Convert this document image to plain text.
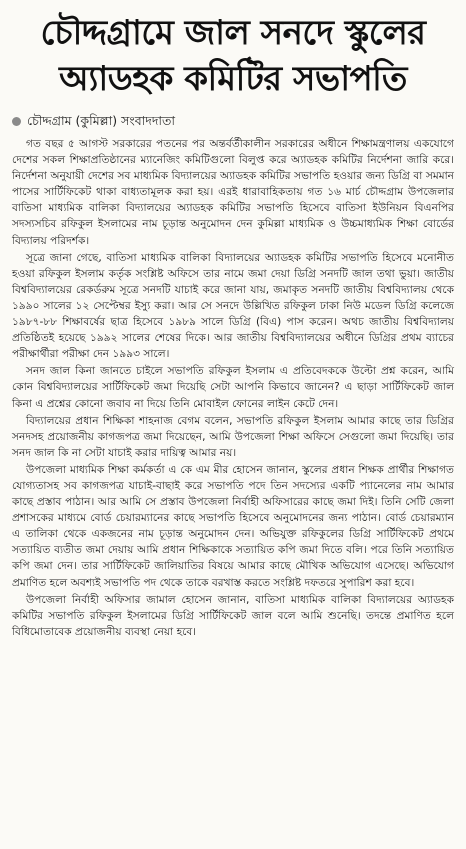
চৌদ্দগ্রামে জাল সনদে স্কুলের
অ্যাডহক কমিটির সভাপতি
চৌদ্দগ্রাম (কুমিল্লা) সংবাদদাতা

গত বছর ৫ আগস্ট সরকারের পতনের পর অন্তর্বর্তীকালীন সরকারের অধীনে শিক্ষামন্ত্রণালয় একযোগে দেশের সকল শিক্ষাপ্রতিষ্ঠানের ম্যানেজিং কমিটিগুলো বিলুপ্ত করে অ্যাডহক কমিটির নির্দেশনা জারি করে। নির্দেশনা অনুযায়ী দেশের সব মাধ্যমিক বিদ্যালয়ের অ্যাডহক কমিটির সভাপতি হওয়ার জন্য ডিগ্রি বা সমমান পাসের সার্টিফিকেট থাকা বাধ্যতামূলক করা হয়। এরই ধারাবাহিকতায় গত ১৬ মার্চ চৌদ্দগ্রাম উপজেলার বাতিসা মাধ্যমিক বালিকা বিদ্যালয়ের অ্যাডহক কমিটির সভাপতি হিসেবে বাতিসা ইউনিয়ন বিএনপির সদস্যসচিব রফিকুল ইসলামের নাম চূড়ান্ত অনুমোদন দেন কুমিল্লা মাধ্যমিক ও উচ্চমাধ্যমিক শিক্ষা বোর্ডের বিদ্যালয় পরিদর্শক।

সূত্রে জানা গেছে, বাতিসা মাধ্যমিক বালিকা বিদ্যালয়ের অ্যাডহক কমিটির সভাপতি হিসেবে মনোনীত হওয়া রফিকুল ইসলাম কর্তৃক সংশ্লিষ্ট অফিসে তার নামে জমা দেয়া ডিগ্রি সনদটি জাল তথা ভুয়া। জাতীয় বিশ্ববিদ্যালয়ের রেকর্ডরুম সূত্রে সনদটি যাচাই করে জানা যায়, জমাকৃত সনদটি জাতীয় বিশ্ববিদ্যালয় থেকে ১৯৯০ সালের ১২ সেপ্টেম্বর ইস্যু করা। আর সে সনদে উল্লিখিত রফিকুল ঢাকা নিউ মডেল ডিগ্রি কলেজে ১৯৮৭-৮৮ শিক্ষাবর্ষের ছাত্র হিসেবে ১৯৮৯ সালে ডিগ্রি (বিএ) পাস করেন। অথচ জাতীয় বিশ্ববিদ্যালয় প্রতিষ্ঠিতই হয়েছে ১৯৯২ সালের শেষের দিকে। আর জাতীয় বিশ্ববিদ্যালয়ের অধীনে ডিগ্রির প্রথম ব্যাচের পরীক্ষার্থীরা পরীক্ষা দেন ১৯৯৩ সালে।

সনদ জাল কিনা জানতে চাইলে সভাপতি রফিকুল ইসলাম এ প্রতিবেদককে উল্টো প্রশ্ন করেন, আমি কোন বিশ্ববিদ্যালয়ের সার্টিফিকেট জমা দিয়েছি সেটা আপনি কিভাবে জানেন? এ ছাড়া সার্টিফিকেট জাল কিনা এ প্রশ্নের কোনো জবাব না দিয়ে তিনি মোবাইল ফোনের লাইন কেটে দেন।

বিদ্যালয়ের প্রধান শিক্ষিকা শাহনাজ বেগম বলেন, সভাপতি রফিকুল ইসলাম আমার কাছে তার ডিগ্রির সনদসহ প্রয়োজনীয় কাগজপত্র জমা দিয়েছেন, আমি উপজেলা শিক্ষা অফিসে সেগুলো জমা দিয়েছি। তার সনদ জাল কি না সেটা যাচাই করার দায়িত্ব আমার নয়।

উপজেলা মাধ্যমিক শিক্ষা কর্মকর্তা এ কে এম মীর হোসেন জানান, স্কুলের প্রধান শিক্ষক প্রার্থীর শিক্ষাগত যোগ্যতাসহ সব কাগজপত্র যাচাই-বাছাই করে সভাপতি পদে তিন সদস্যের একটি প্যানেলের নাম আমার কাছে প্রস্তাব পাঠান। আর আমি সে প্রস্তাব উপজেলা নির্বাহী অফিসারের কাছে জমা দিই। তিনি সেটি জেলা প্রশাসকের মাধ্যমে বোর্ড চেয়ারম্যানের কাছে সভাপতি হিসেবে অনুমোদনের জন্য পাঠান। বোর্ড চেয়ারম্যান এ তালিকা থেকে একজনের নাম চূড়ান্ত অনুমোদন দেন। অভিযুক্ত রফিকুলের ডিগ্রি সার্টিফিকেট প্রথমে সত্যায়িত ব্যতীত জমা দেয়ায় আমি প্রধান শিক্ষিকাকে সত্যায়িত কপি জমা দিতে বলি। পরে তিনি সত্যায়িত কপি জমা দেন। তার সার্টিফিকেট জালিয়াতির বিষয়ে আমার কাছে মৌখিক অভিযোগ এসেছে। অভিযোগ প্রমাণিত হলে অবশ্যই সভাপতি পদ থেকে তাকে বরখাস্ত করতে সংশ্লিষ্ট দফতরে সুপারিশ করা হবে।

উপজেলা নির্বাহী অফিসার জামাল হোসেন জানান, বাতিসা মাধ্যমিক বালিকা বিদ্যালয়ের অ্যাডহক কমিটির সভাপতি রফিকুল ইসলামের ডিগ্রি সার্টিফিকেট জাল বলে আমি শুনেছি। তদন্তে প্রমাণিত হলে বিধিমোতাবেক প্রয়োজনীয় ব্যবস্থা নেয়া হবে।
